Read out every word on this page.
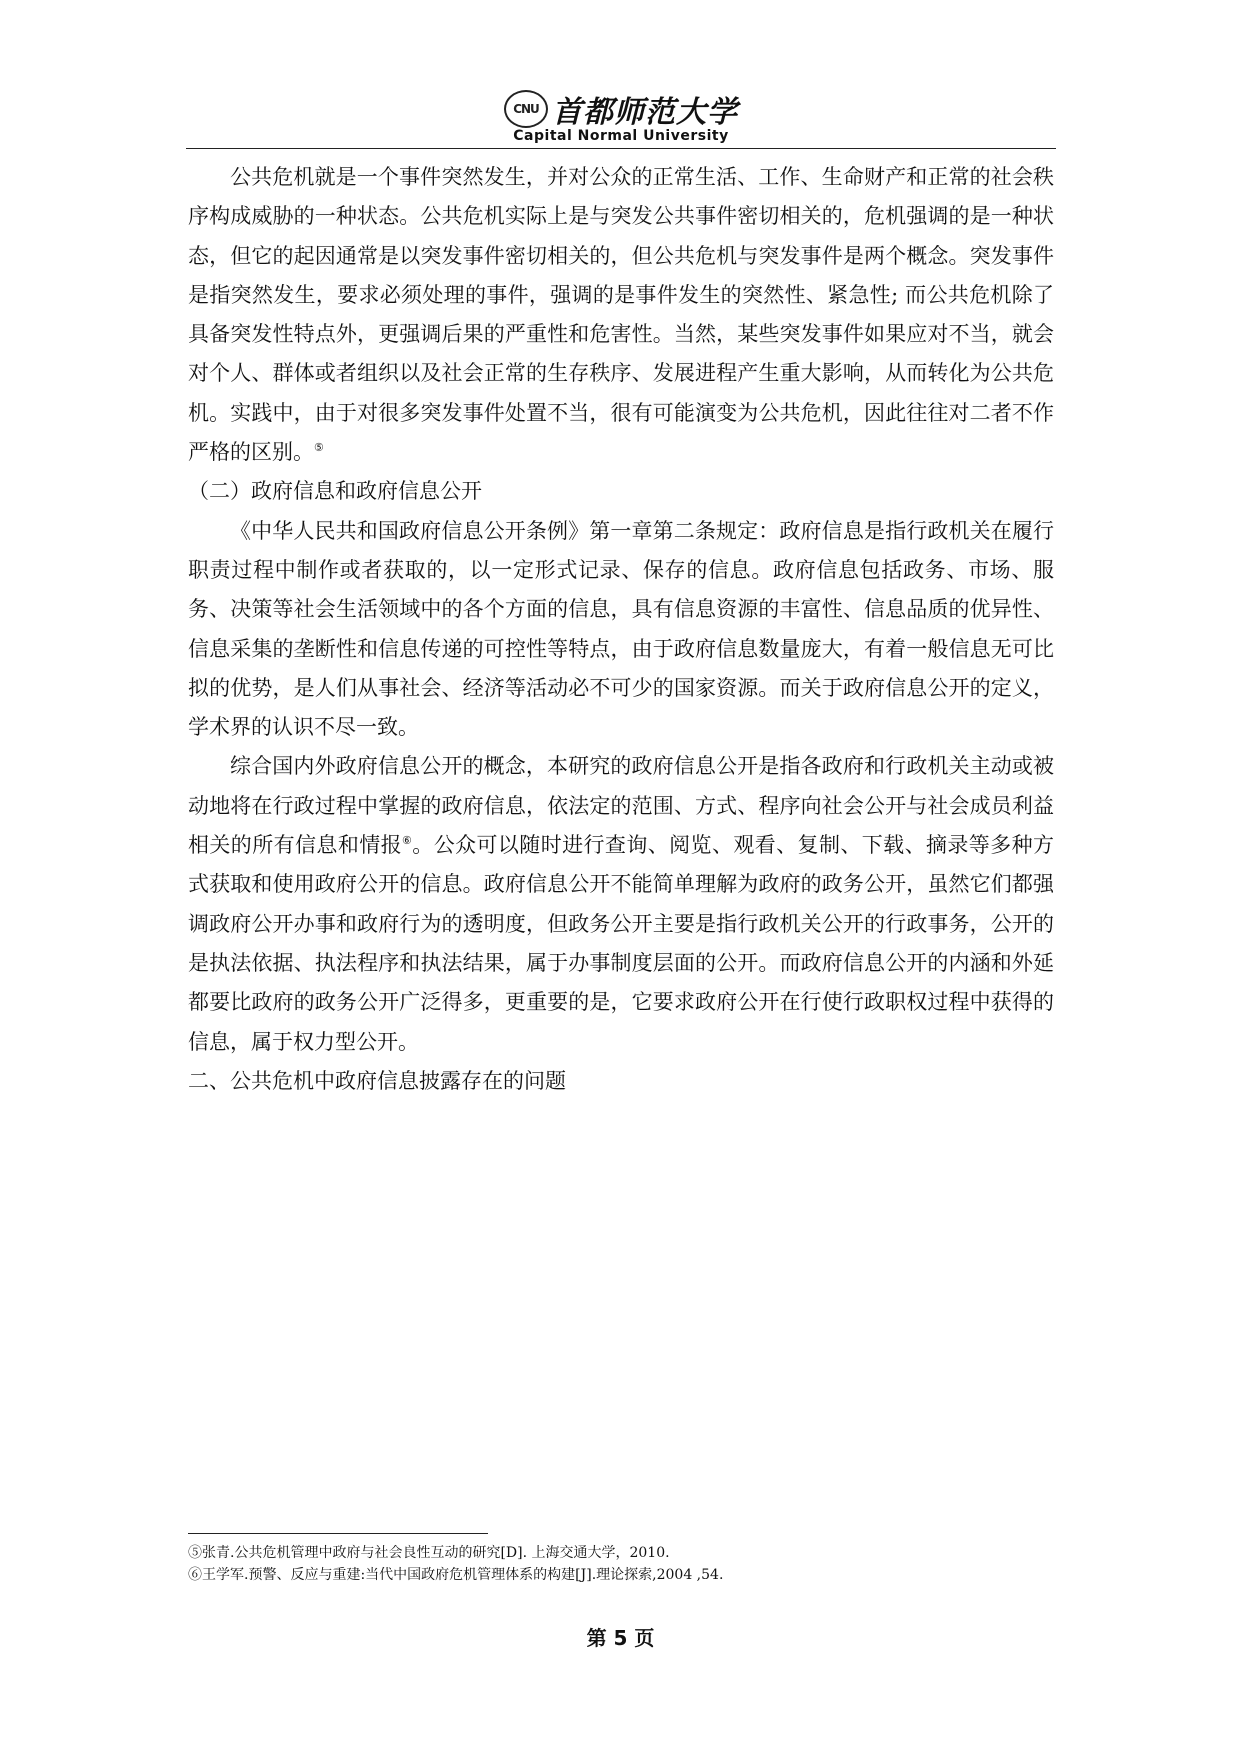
CNU 首都师范大学
Capital Normal University

公共危机就是一个事件突然发生，并对公众的正常生活、工作、生命财产和正常的社会秩序构成威胁的一种状态。公共危机实际上是与突发公共事件密切相关的，危机强调的是一种状态，但它的起因通常是以突发事件密切相关的，但公共危机与突发事件是两个概念。突发事件是指突然发生，要求必须处理的事件，强调的是事件发生的突然性、紧急性; 而公共危机除了具备突发性特点外，更强调后果的严重性和危害性。当然，某些突发事件如果应对不当，就会对个人、群体或者组织以及社会正常的生存秩序、发展进程产生重大影响，从而转化为公共危机。实践中，由于对很多突发事件处置不当，很有可能演变为公共危机，因此往往对二者不作严格的区别。⑤

（二）政府信息和政府信息公开

《中华人民共和国政府信息公开条例》第一章第二条规定：政府信息是指行政机关在履行职责过程中制作或者获取的，以一定形式记录、保存的信息。政府信息包括政务、市场、服务、决策等社会生活领域中的各个方面的信息，具有信息资源的丰富性、信息品质的优异性、信息采集的垄断性和信息传递的可控性等特点，由于政府信息数量庞大，有着一般信息无可比拟的优势，是人们从事社会、经济等活动必不可少的国家资源。而关于政府信息公开的定义，学术界的认识不尽一致。

综合国内外政府信息公开的概念，本研究的政府信息公开是指各政府和行政机关主动或被动地将在行政过程中掌握的政府信息，依法定的范围、方式、程序向社会公开与社会成员利益相关的所有信息和情报⑥。公众可以随时进行查询、阅览、观看、复制、下载、摘录等多种方式获取和使用政府公开的信息。政府信息公开不能简单理解为政府的政务公开，虽然它们都强调政府公开办事和政府行为的透明度，但政务公开主要是指行政机关公开的行政事务，公开的是执法依据、执法程序和执法结果，属于办事制度层面的公开。而政府信息公开的内涵和外延都要比政府的政务公开广泛得多，更重要的是，它要求政府公开在行使行政职权过程中获得的信息，属于权力型公开。

二、公共危机中政府信息披露存在的问题

⑤张青.公共危机管理中政府与社会良性互动的研究[D]. 上海交通大学，2010.
⑥王学军.预警、反应与重建:当代中国政府危机管理体系的构建[J].理论探索,2004 ,54.
第 5 页
